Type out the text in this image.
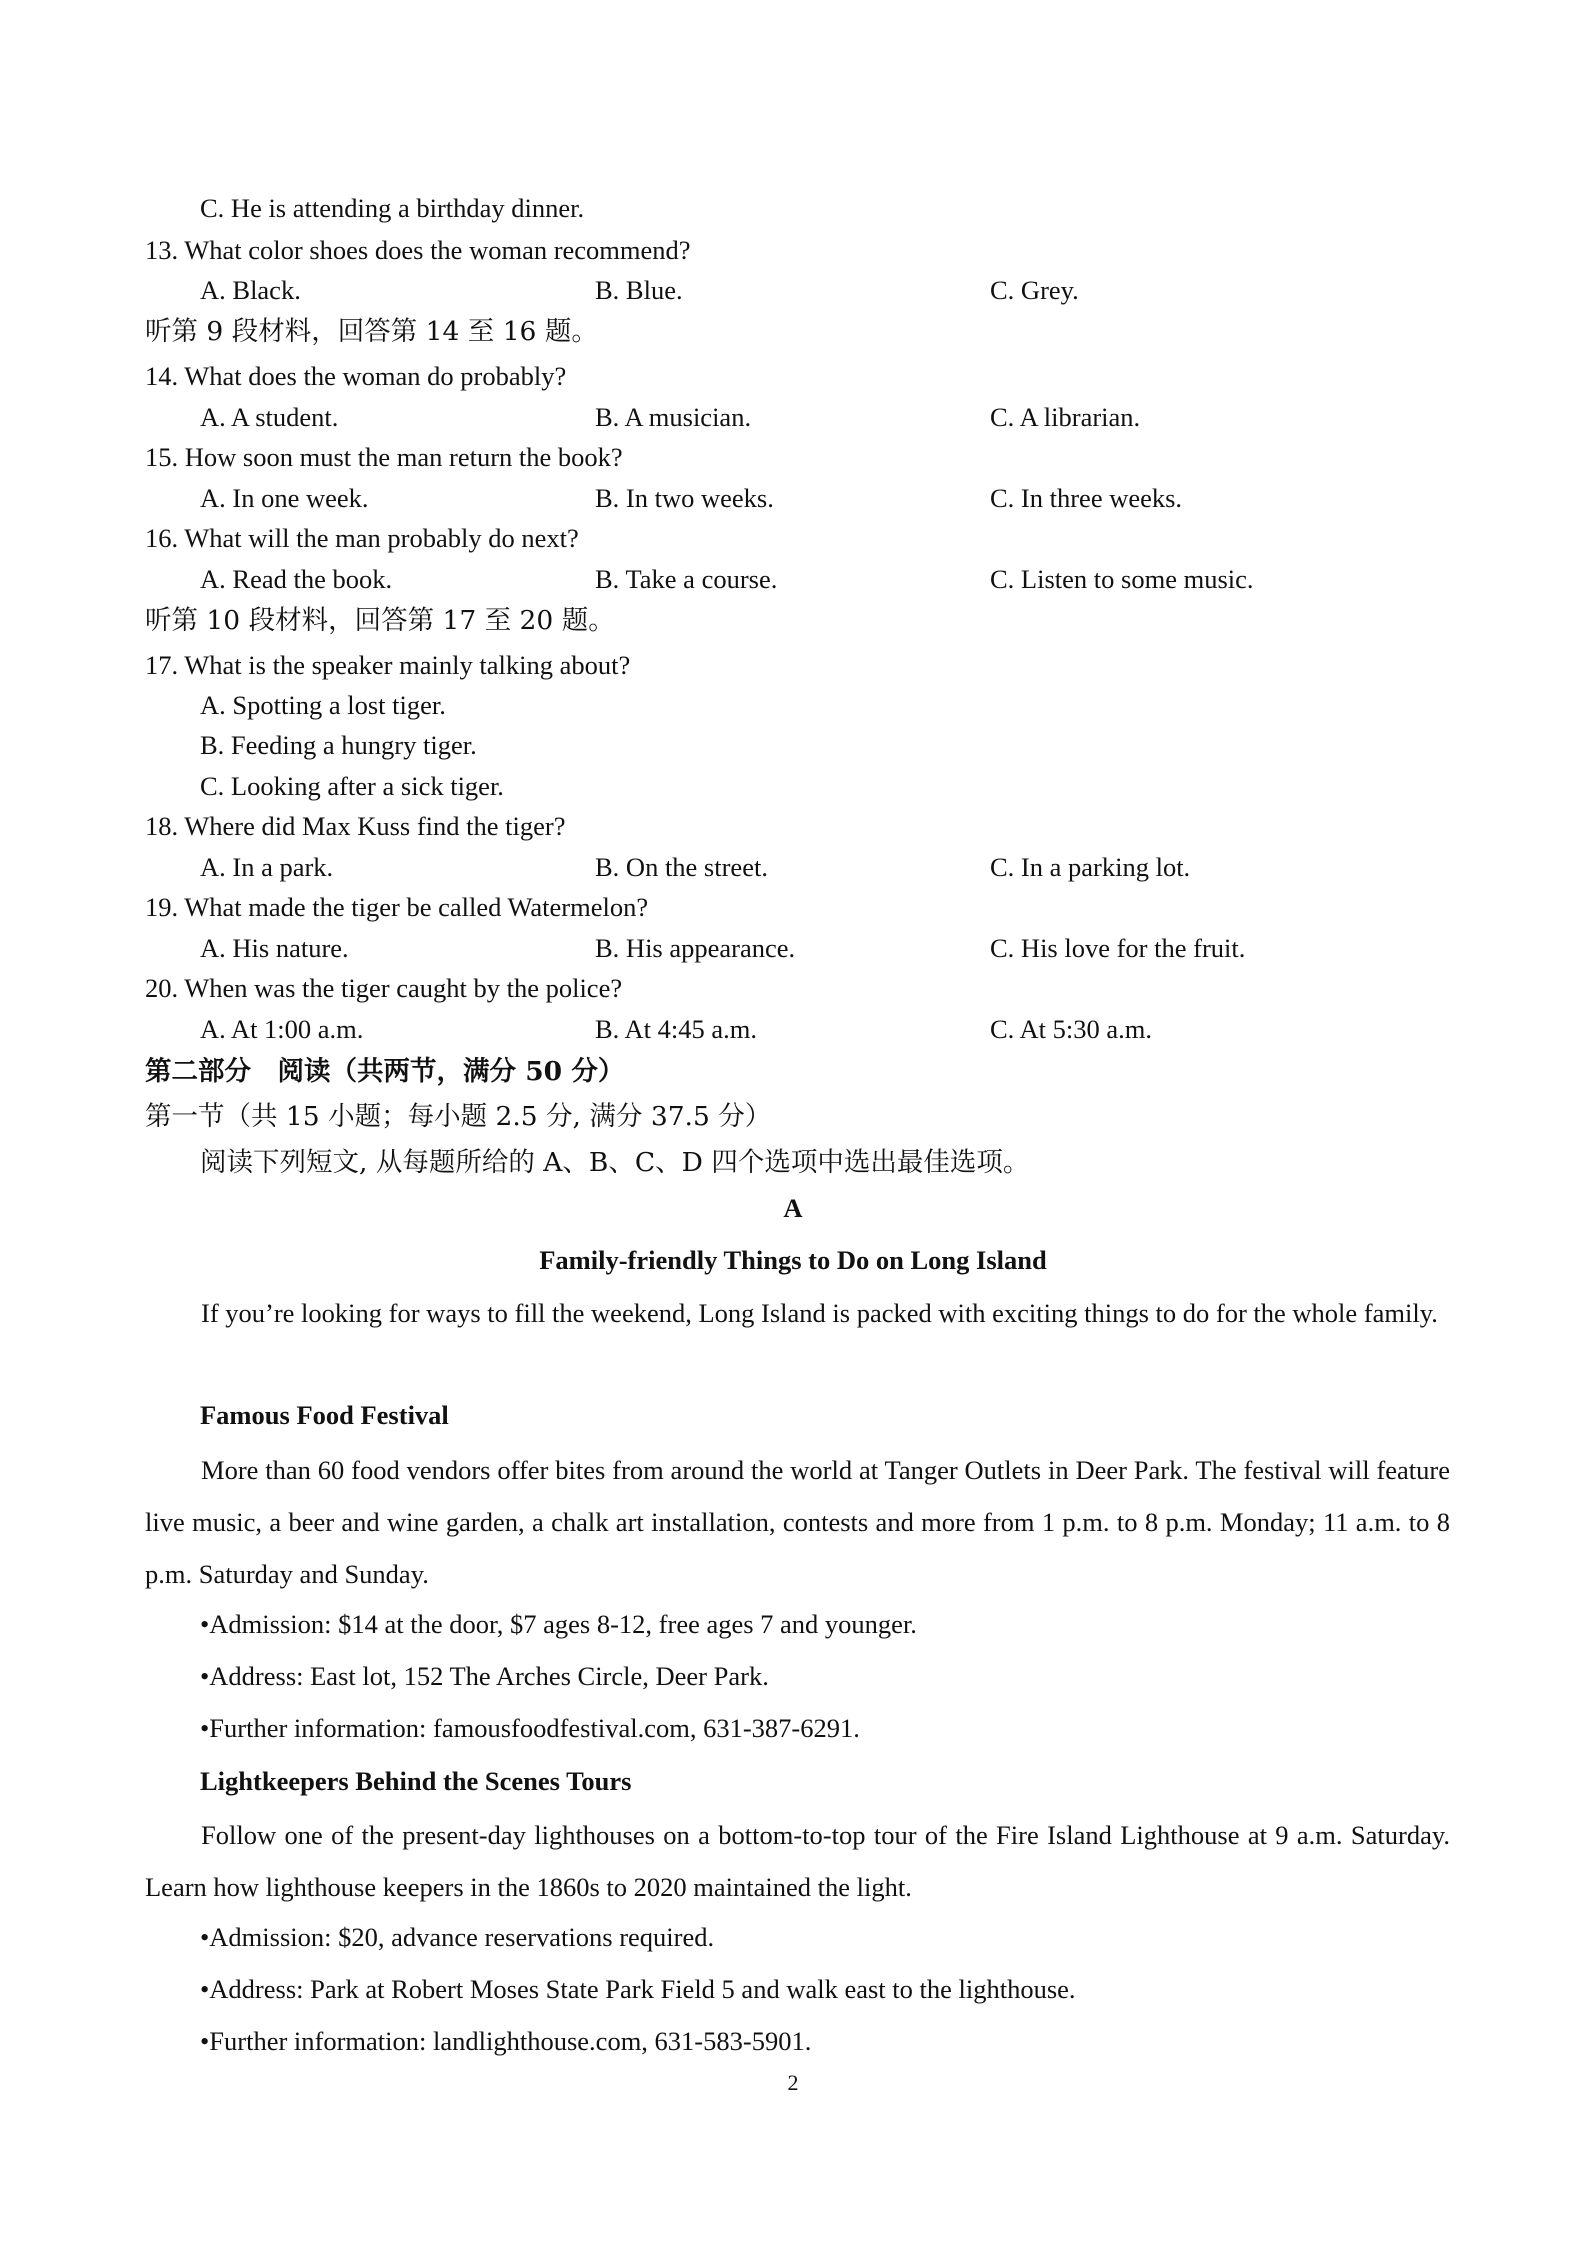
C. He is attending a birthday dinner.
13. What color shoes does the woman recommend?
A. Black.	B. Blue.	C. Grey.
听第 9 段材料，回答第 14 至 16 题。
14. What does the woman do probably?
A. A student.	B. A musician.	C. A librarian.
15. How soon must the man return the book?
A. In one week.	B. In two weeks.	C. In three weeks.
16. What will the man probably do next?
A. Read the book.	B. Take a course.	C. Listen to some music.
听第 10 段材料，回答第 17 至 20 题。
17. What is the speaker mainly talking about?
A. Spotting a lost tiger.
B. Feeding a hungry tiger.
C. Looking after a sick tiger.
18. Where did Max Kuss find the tiger?
A. In a park.	B. On the street.	C. In a parking lot.
19. What made the tiger be called Watermelon?
A. His nature.	B. His appearance.	C. His love for the fruit.
20. When was the tiger caught by the police?
A. At 1:00 a.m.	B. At 4:45 a.m.	C. At 5:30 a.m.
第二部分　阅读（共两节，满分 50 分）
第一节（共 15 小题；每小题 2.5 分, 满分 37.5 分）
阅读下列短文, 从每题所给的 A、B、C、D 四个选项中选出最佳选项。
A
Family-friendly Things to Do on Long Island
If you’re looking for ways to fill the weekend, Long Island is packed with exciting things to do for the whole family.
Famous Food Festival
More than 60 food vendors offer bites from around the world at Tanger Outlets in Deer Park. The festival will feature live music, a beer and wine garden, a chalk art installation, contests and more from 1 p.m. to 8 p.m. Monday; 11 a.m. to 8 p.m. Saturday and Sunday.
•Admission: $14 at the door, $7 ages 8-12, free ages 7 and younger.
•Address: East lot, 152 The Arches Circle, Deer Park.
•Further information: famousfoodfestival.com, 631-387-6291.
Lightkeepers Behind the Scenes Tours
Follow one of the present-day lighthouses on a bottom-to-top tour of the Fire Island Lighthouse at 9 a.m. Saturday. Learn how lighthouse keepers in the 1860s to 2020 maintained the light.
•Admission: $20, advance reservations required.
•Address: Park at Robert Moses State Park Field 5 and walk east to the lighthouse.
•Further information: landlighthouse.com, 631-583-5901.
2
